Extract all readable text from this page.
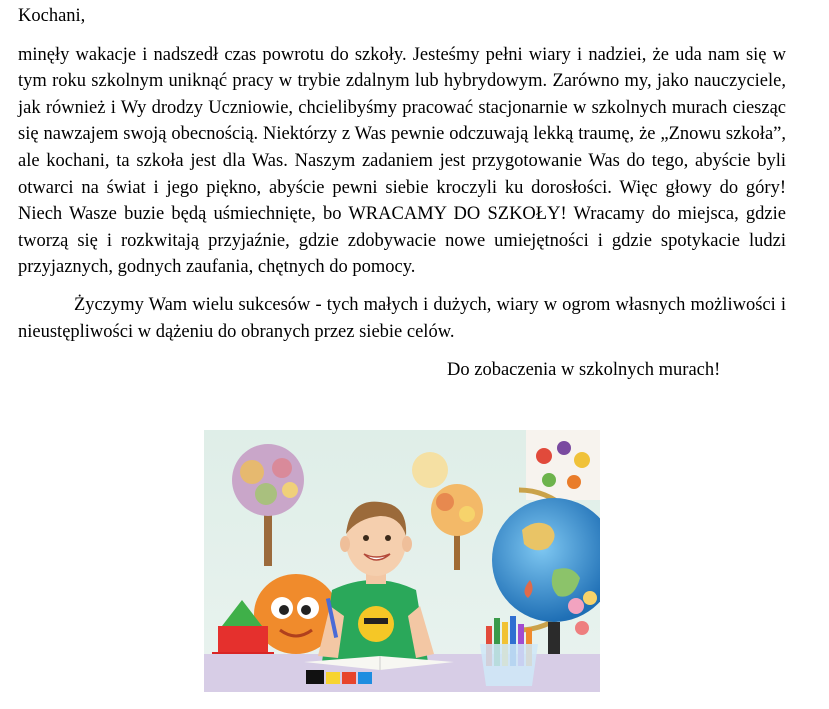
Kochani,

minęły wakacje i nadszedł czas powrotu do szkoły. Jesteśmy pełni wiary i nadziei, że uda nam się w tym roku szkolnym uniknąć pracy w trybie zdalnym lub hybrydowym. Zarówno my, jako nauczyciele, jak również i Wy drodzy Uczniowie, chcielibyśmy pracować stacjonarnie w szkolnych murach ciesząc się nawzajem swoją obecnością. Niektórzy z Was pewnie odczuwają lekką traumę, że „Znowu szkoła”, ale kochani, ta szkoła jest dla Was. Naszym zadaniem jest przygotowanie Was do tego, abyście byli otwarci na świat i jego piękno, abyście pewni siebie kroczyli ku dorosłości. Więc głowy do góry! Niech Wasze buzie będą uśmiechnięte, bo WRACAMY DO SZKOŁY! Wracamy do miejsca, gdzie tworzą się i rozkwitają przyjaźnie, gdzie zdobywacie nowe umiejętności i gdzie spotykacie ludzi przyjaznych, godnych zaufania, chętnych do pomocy.

Życzymy Wam wielu sukcesów - tych małych i dużych, wiary w ogrom własnych możliwości i nieustępliwości w dążeniu do obranych przez siebie celów.

Do zobaczenia w szkolnych murach!
